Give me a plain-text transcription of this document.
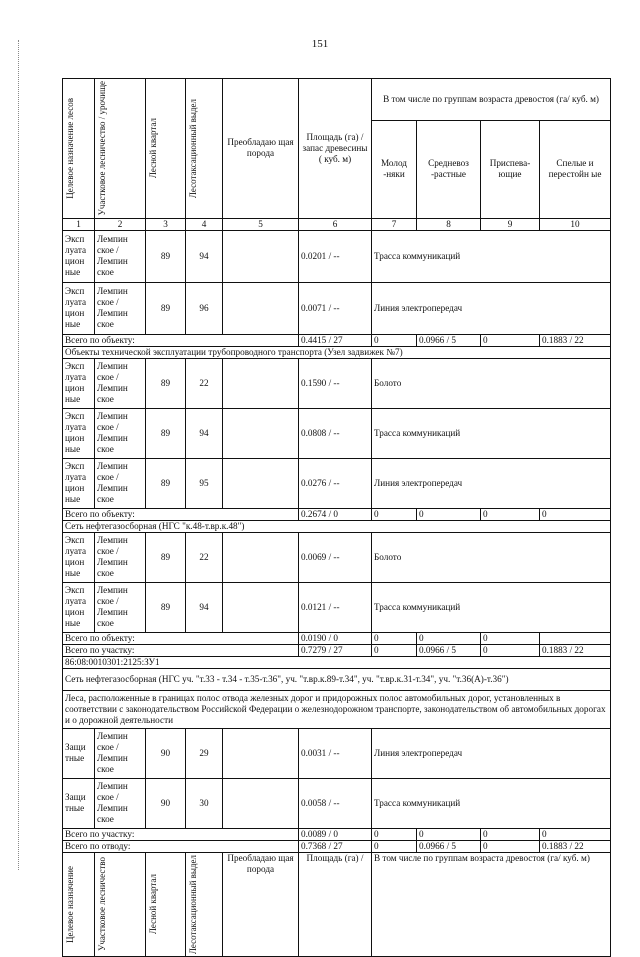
151
Целевое назначение лесов	Участковое лесничество / урочище	Лесной квартал	Лесотаксационный выдел	Преобладаю щая порода	Площадь (га) / запас древесины ( куб. м)	В том числе по группам возраста древостоя (га/ куб. м)			
						Молод -няки	Средневоз -растные	Приспева- ющие	Спелые и перестойн ые
1	2	3	4	5	6	7	8	9	10
Эксп луата цион ные	Лемпин ское / Лемпин ское	89	94		0.0201 / --	Трасса коммуникаций			
Эксп луата цион ные	Лемпин ское / Лемпин ское	89	96		0.0071 / --	Линия электропередач			
Всего по объекту:					0.4415 / 27	0	0.0966 / 5	0	0.1883 / 22
Объекты технической эксплуатации трубопроводного транспорта (Узел задвижек №7)									
Эксп луата цион ные	Лемпин ское / Лемпин ское	89	22		0.1590 / --	Болото			
Эксп луата цион ные	Лемпин ское / Лемпин ское	89	94		0.0808 / --	Трасса коммуникаций			
Эксп луата цион ные	Лемпин ское / Лемпин ское	89	95		0.0276 / --	Линия электропередач			
Всего по объекту:					0.2674 / 0	0	0	0	0
Сеть нефтегазосборная (НГС "к.48-т.вр.к.48")									
Эксп луата цион ные	Лемпин ское / Лемпин ское	89	22		0.0069 / --	Болото			
Эксп луата цион ные	Лемпин ское / Лемпин ское	89	94		0.0121 / --	Трасса коммуникаций			
Всего по объекту:					0.0190 / 0	0	0	0	
Всего по участку:					0.7279 / 27	0	0.0966 / 5	0	0.1883 / 22
86:08:0010301:2125:ЗУ1									
Сеть нефтегазосборная (НГС уч. "т.33 - т.34 - т.35-т.36", уч. "т.вр.к.89-т.34", уч. "т.вр.к.31-т.34", уч. "т.36(А)-т.36")									
Леса, расположенные в границах полос отвода железных дорог и придорожных полос автомобильных дорог, установленных в соответствии с законодательством Российской Федерации о железнодорожном транспорте, законодательством об автомобильных дорогах и о дорожной деятельности									
Защи тные	Лемпин ское / Лемпин ское	90	29		0.0031 / --	Линия электропередач			
Защи тные	Лемпин ское / Лемпин ское	90	30		0.0058 / --	Трасса коммуникаций			
Всего по участку:					0.0089 / 0	0	0	0	0
Всего по отводу:					0.7368 / 27	0	0.0966 / 5	0	0.1883 / 22

Целевое назначение	Участковое лесничество	Лесной квартал	Лесотаксационный выдел	Преобладаю щая порода	Площадь (га) /	В том числе по группам возраста древостоя (га/ куб. м)			
